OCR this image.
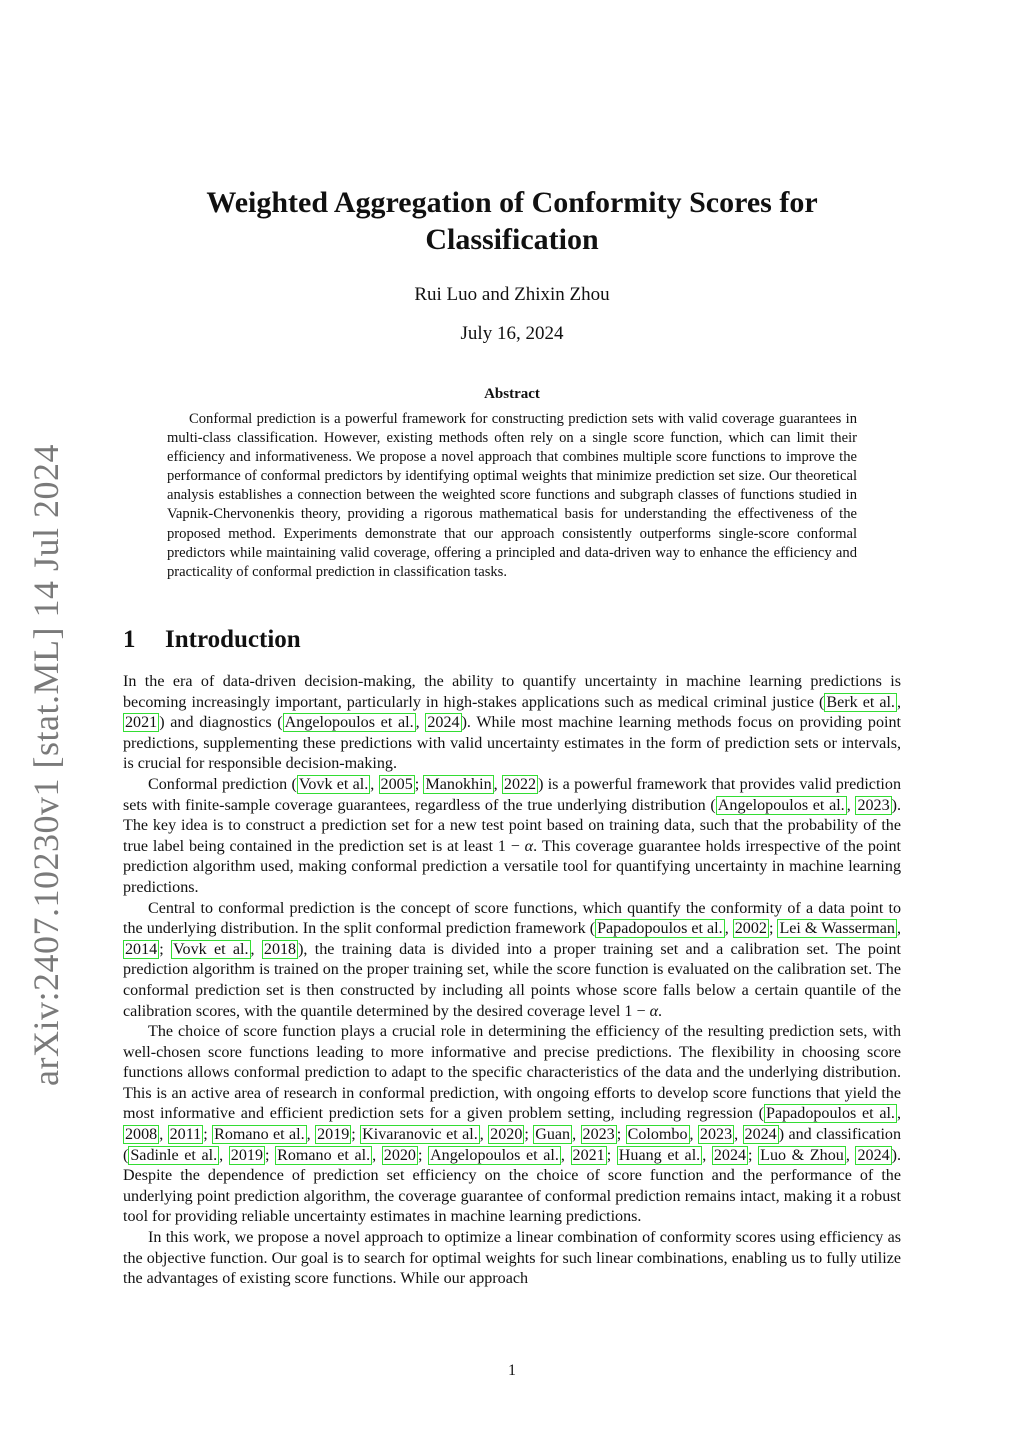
arXiv:2407.10230v1 [stat.ML] 14 Jul 2024
Weighted Aggregation of Conformity Scores for Classification
Rui Luo and Zhixin Zhou
July 16, 2024
Abstract

Conformal prediction is a powerful framework for constructing prediction sets with valid coverage guarantees in multi-class classification. However, existing methods often rely on a single score function, which can limit their efficiency and informativeness. We propose a novel approach that combines multiple score functions to improve the performance of conformal predictors by identifying optimal weights that minimize prediction set size. Our theoretical analysis establishes a connection between the weighted score functions and subgraph classes of functions studied in Vapnik-Chervonenkis theory, providing a rigorous mathematical basis for understanding the effectiveness of the proposed method. Experiments demonstrate that our approach consistently outperforms single-score conformal predictors while maintaining valid coverage, offering a principled and data-driven way to enhance the efficiency and practicality of conformal prediction in classification tasks.

1 Introduction

In the era of data-driven decision-making, the ability to quantify uncertainty in machine learning predictions is becoming increasingly important, particularly in high-stakes applications such as medical criminal justice ( Berk et al. , 2021 ) and diagnostics ( Angelopoulos et al. , 2024 ). While most machine learning methods focus on providing point predictions, supplementing these predictions with valid uncertainty estimates in the form of prediction sets or intervals, is crucial for responsible decision-making.

Conformal prediction ( Vovk et al. , 2005 ; Manokhin , 2022 ) is a powerful framework that provides valid prediction sets with finite-sample coverage guarantees, regardless of the true underlying distribution ( Angelopoulos et al. , 2023 ). The key idea is to construct a prediction set for a new test point based on training data, such that the probability of the true label being contained in the prediction set is at least 1 − α. This coverage guarantee holds irrespective of the point prediction algorithm used, making conformal prediction a versatile tool for quantifying uncertainty in machine learning predictions.

Central to conformal prediction is the concept of score functions, which quantify the conformity of a data point to the underlying distribution. In the split conformal prediction framework ( Papadopoulos et al. , 2002 ; Lei & Wasserman , 2014 ; Vovk et al. , 2018 ), the training data is divided into a proper training set and a calibration set. The point prediction algorithm is trained on the proper training set, while the score function is evaluated on the calibration set. The conformal prediction set is then constructed by including all points whose score falls below a certain quantile of the calibration scores, with the quantile determined by the desired coverage level 1 − α.

The choice of score function plays a crucial role in determining the efficiency of the resulting prediction sets, with well-chosen score functions leading to more informative and precise predictions. The flexibility in choosing score functions allows conformal prediction to adapt to the specific characteristics of the data and the underlying distribution. This is an active area of research in conformal prediction, with ongoing efforts to develop score functions that yield the most informative and efficient prediction sets for a given problem setting, including regression ( Papadopoulos et al. , 2008 , 2011 ; Romano et al. , 2019 ; Kivaranovic et al. , 2020 ; Guan , 2023 ; Colombo , 2023 , 2024 ) and classification ( Sadinle et al. , 2019 ; Romano et al. , 2020 ; Angelopoulos et al. , 2021 ; Huang et al. , 2024 ; Luo & Zhou , 2024 ). Despite the dependence of prediction set efficiency on the choice of score function and the performance of the underlying point prediction algorithm, the coverage guarantee of conformal prediction remains intact, making it a robust tool for providing reliable uncertainty estimates in machine learning predictions.

In this work, we propose a novel approach to optimize a linear combination of conformity scores using efficiency as the objective function. Our goal is to search for optimal weights for such linear combinations, enabling us to fully utilize the advantages of existing score functions. While our approach

1
